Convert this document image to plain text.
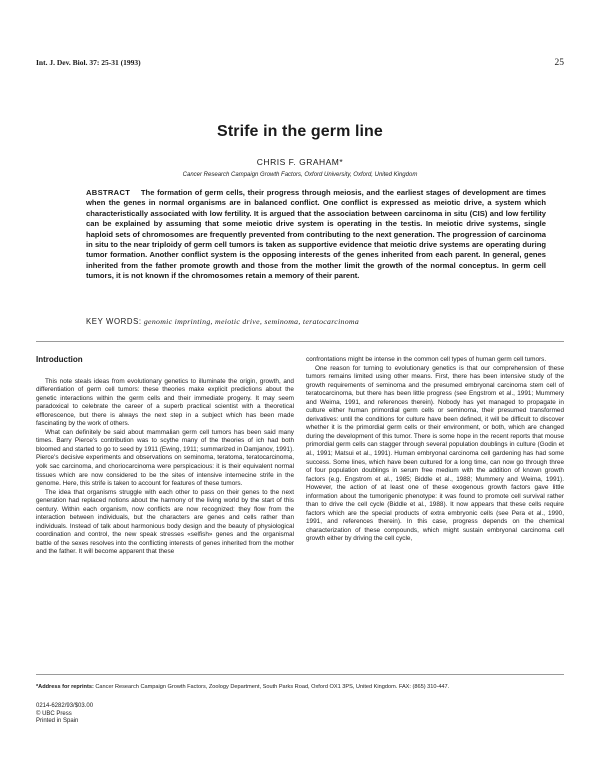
Int. J. Dev. Biol. 37: 25-31 (1993)	25
Strife in the germ line
CHRIS F. GRAHAM*
Cancer Research Campaign Growth Factors, Oxford University, Oxford, United Kingdom
ABSTRACT The formation of germ cells, their progress through meiosis, and the earliest stages of development are times when the genes in normal organisms are in balanced conflict. One conflict is expressed as meiotic drive, a system which characteristically associated with low fertility. It is argued that the association between carcinoma in situ (CIS) and low fertility can be explained by assuming that some meiotic drive system is operating in the testis. In meiotic drive systems, single haploid sets of chromosomes are frequently prevented from contributing to the next generation. The progression of carcinoma in situ to the near triploidy of germ cell tumors is taken as supportive evidence that meiotic drive systems are operating during tumor formation. Another conflict system is the opposing interests of the genes inherited from each parent. In general, genes inherited from the father promote growth and those from the mother limit the growth of the normal conceptus. In germ cell tumors, it is not known if the chromosomes retain a memory of their parent.
KEY WORDS: genomic imprinting, meiotic drive, seminoma, teratocarcinoma
Introduction

This note steals ideas from evolutionary genetics to illuminate the origin, growth, and differentiation of germ cell tumors: these theories make explicit predictions about the genetic interactions within the germ cells and their immediate progeny. It may seem paradoxical to celebrate the career of a superb practical scientist with a theoretical efflorescence, but there is always the next step in a subject which has been made fascinating by the work of others.

What can definitely be said about mammalian germ cell tumors has been said many times. Barry Pierce's contribution was to scythe many of the theories of ich had both bloomed and started to go to seed by 1911 (Ewing, 1911; summarized in Damjanov, 1991). Pierce's decisive experiments and observations on seminoma, teratoma, teratocarcinoma, yolk sac carcinoma, and choriocarcinoma were perspicacious: it is their equivalent normal tissues which are now considered to be the sites of intensive internecine strife in the genome. Here, this strife is taken to account for features of these tumors.

The idea that organisms struggle with each other to pass on their genes to the next generation had replaced notions about the harmony of the living world by the start of this century. Within each organism, now conflicts are now recognized: they flow from the interaction between individuals, but the characters are genes and cells rather than individuals. Instead of talk about harmonious body design and the beauty of physiological coordination and control, the new speak stresses «selfish» genes and the organismal battle of the sexes resolves into the conflicting interests of genes inherited from the mother and the father. It will become apparent that these

confrontations might be intense in the common cell types of human germ cell tumors.

One reason for turning to evolutionary genetics is that our comprehension of these tumors remains limited using other means. First, there has been intensive study of the growth requirements of seminoma and the presumed embryonal carcinoma stem cell of teratocarcinoma, but there has been little progress (see Engstrom et al., 1991; Mummery and Weima, 1991, and references therein). Nobody has yet managed to propagate in culture either human primordial germ cells or seminoma, their presumed transformed derivatives: until the conditions for culture have been defined, it will be difficult to discover whether it is the primordial germ cells or their environment, or both, which are changed during the development of this tumor. There is some hope in the recent reports that mouse primordial germ cells can stagger through several population doublings in culture (Godin et al., 1991; Matsui et al., 1991). Human embryonal carcinoma cell gardening has had some success. Some lines, which have been cultured for a long time, can now go through three of four population doublings in serum free medium with the addition of known growth factors (e.g. Engstrom et al., 1985; Biddle et al., 1988; Mummery and Weima, 1991). However, the action of at least one of these exogenous growth factors gave little information about the tumorigenic phenotype: it was found to promote cell survival rather than to drive the cell cycle (Biddle et al., 1988). It now appears that these cells require factors which are the special products of extra embryonic cells (see Pera et al., 1990, 1991, and references therein). In this case, progress depends on the chemical characterization of these compounds, which might sustain embryonal carcinoma cell growth either by driving the cell cycle,

*Address for reprints: Cancer Research Campaign Growth Factors, Zoology Department, South Parks Road, Oxford OX1 3PS, United Kingdom. FAX: (865) 310-447.
0214-6282/93/$03.00
© UBC Press
Printed in Spain
